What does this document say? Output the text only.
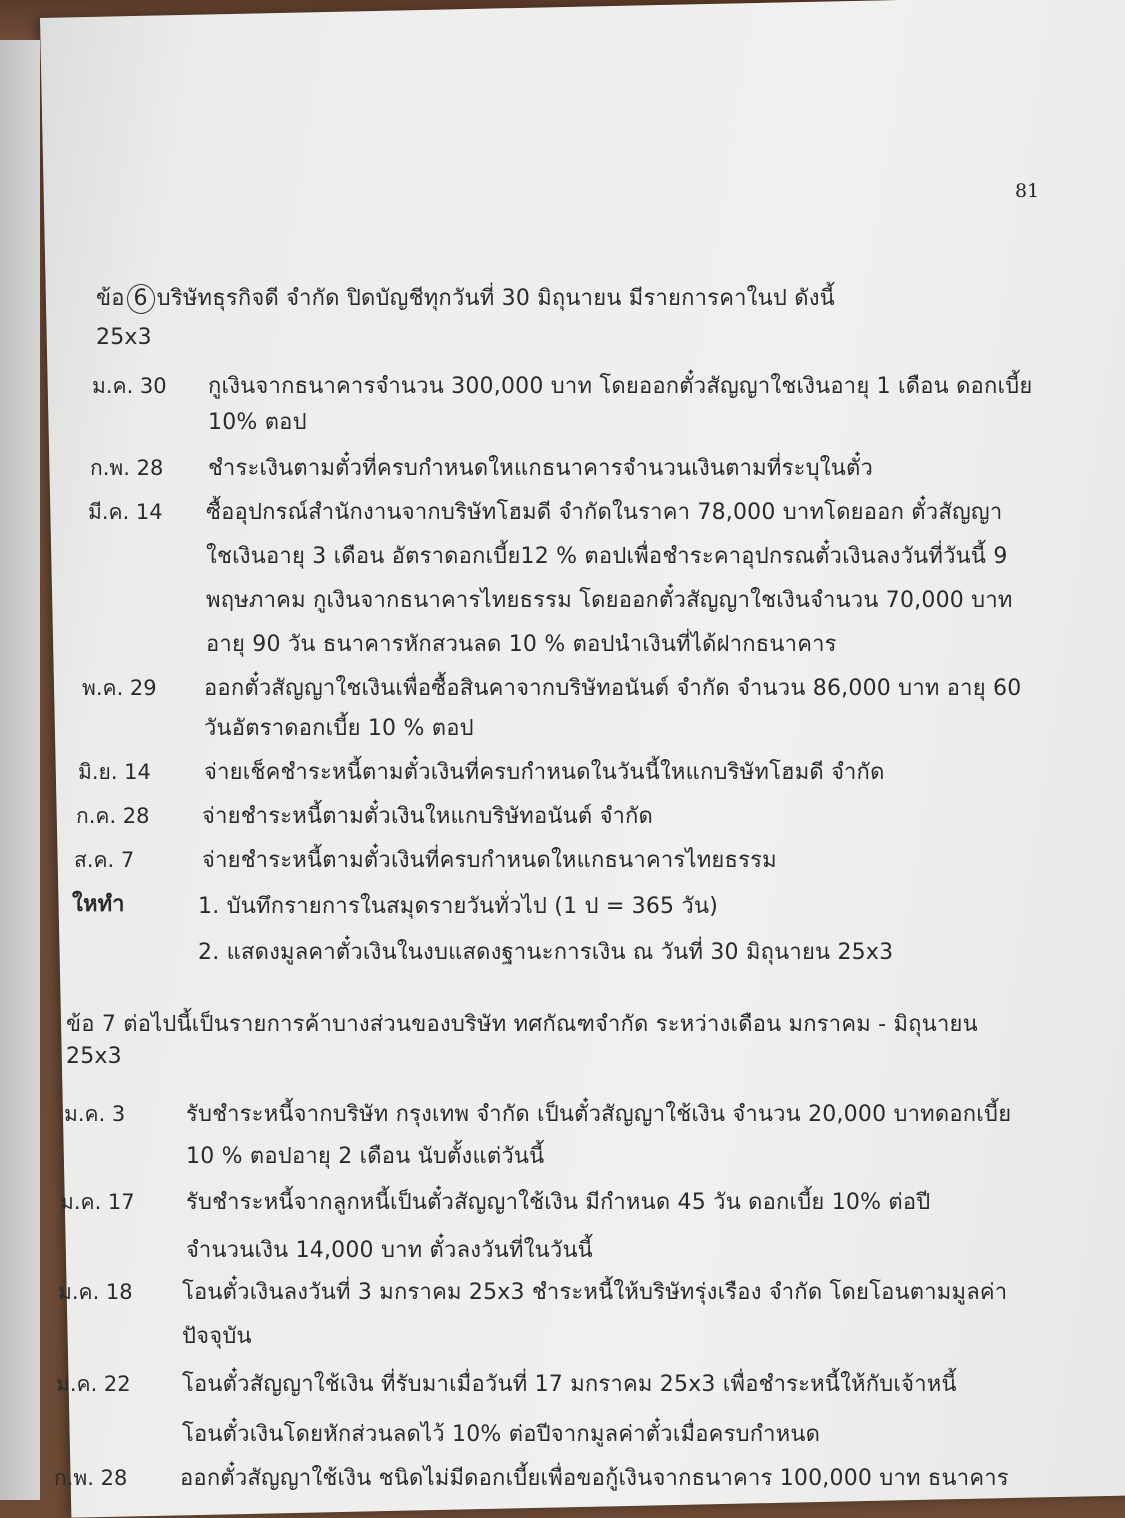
81
ข้อ 6 บริษัทธุรกิจดี จำกัด ปิดบัญชีทุกวันที่ 30 มิถุนายน มีรายการคาในป ดังนี้
25x3
ม.ค. 30 กูเงินจากธนาคารจำนวน 300,000 บาท โดยออกตั๋วสัญญาใชเงินอายุ 1 เดือน ดอกเบี้ย
10% ตอป
ก.พ. 28 ชำระเงินตามตั๋วที่ครบกำหนดใหแกธนาคารจำนวนเงินตามที่ระบุในตั๋ว
มี.ค. 14 ซื้ออุปกรณ์สำนักงานจากบริษัทโฮมดี จำกัดในราคา 78,000 บาทโดยออก ตั๋วสัญญา
ใชเงินอายุ 3 เดือน อัตราดอกเบี้ย12 % ตอปเพื่อชำระคาอุปกรณตั๋วเงินลงวันที่วันนี้ 9
พฤษภาคม กูเงินจากธนาคารไทยธรรม โดยออกตั๋วสัญญาใชเงินจำนวน 70,000 บาท
อายุ 90 วัน ธนาคารหักสวนลด 10 % ตอปนำเงินที่ได้ฝากธนาคาร
พ.ค. 29 ออกตั๋วสัญญาใชเงินเพื่อซื้อสินคาจากบริษัทอนันต์ จำกัด จำนวน 86,000 บาท อายุ 60
วันอัตราดอกเบี้ย 10 % ตอป
มิ.ย. 14 จ่ายเช็คชำระหนี้ตามตั๋วเงินที่ครบกำหนดในวันนี้ใหแกบริษัทโฮมดี จำกัด
ก.ค. 28 จ่ายชำระหนี้ตามตั๋วเงินใหแกบริษัทอนันต์ จำกัด
ส.ค. 7	จ่ายชำระหนี้ตามตั๋วเงินที่ครบกำหนดใหแกธนาคารไทยธรรม
ใหทำ	1. บันทึกรายการในสมุดรายวันทั่วไป (1 ป = 365 วัน)
2. แสดงมูลคาตั๋วเงินในงบแสดงฐานะการเงิน ณ วันที่ 30 มิถุนายน 25x3
ข้อ 7 ต่อไปนี้เป็นรายการค้าบางส่วนของบริษัท ทศกัณฑจำกัด ระหว่างเดือน มกราคม - มิถุนายน
25x3
ม.ค. 3	รับชำระหนี้จากบริษัท กรุงเทพ จำกัด เป็นตั๋วสัญญาใช้เงิน จำนวน 20,000 บาทดอกเบี้ย
10 % ตอปอายุ 2 เดือน นับตั้งแต่วันนี้
ม.ค. 17 รับชำระหนี้จากลูกหนี้เป็นตั๋วสัญญาใช้เงิน มีกำหนด 45 วัน ดอกเบี้ย 10% ต่อปี
จำนวนเงิน 14,000 บาท ตั๋วลงวันที่ในวันนี้
ม.ค. 18 โอนตั๋วเงินลงวันที่ 3 มกราคม 25x3 ชำระหนี้ให้บริษัทรุ่งเรือง จำกัด โดยโอนตามมูลค่า
ปัจจุบัน
ม.ค. 22 โอนตั๋วสัญญาใช้เงิน ที่รับมาเมื่อวันที่ 17 มกราคม 25x3 เพื่อชำระหนี้ให้กับเจ้าหนี้
โอนตั๋วเงินโดยหักส่วนลดไว้ 10% ต่อปีจากมูลค่าตั๋วเมื่อครบกำหนด
ก.พ. 28 ออกตั๋วสัญญาใช้เงิน ชนิดไม่มีดอกเบี้ยเพื่อขอกู้เงินจากธนาคาร 100,000 บาท ธนาคาร
